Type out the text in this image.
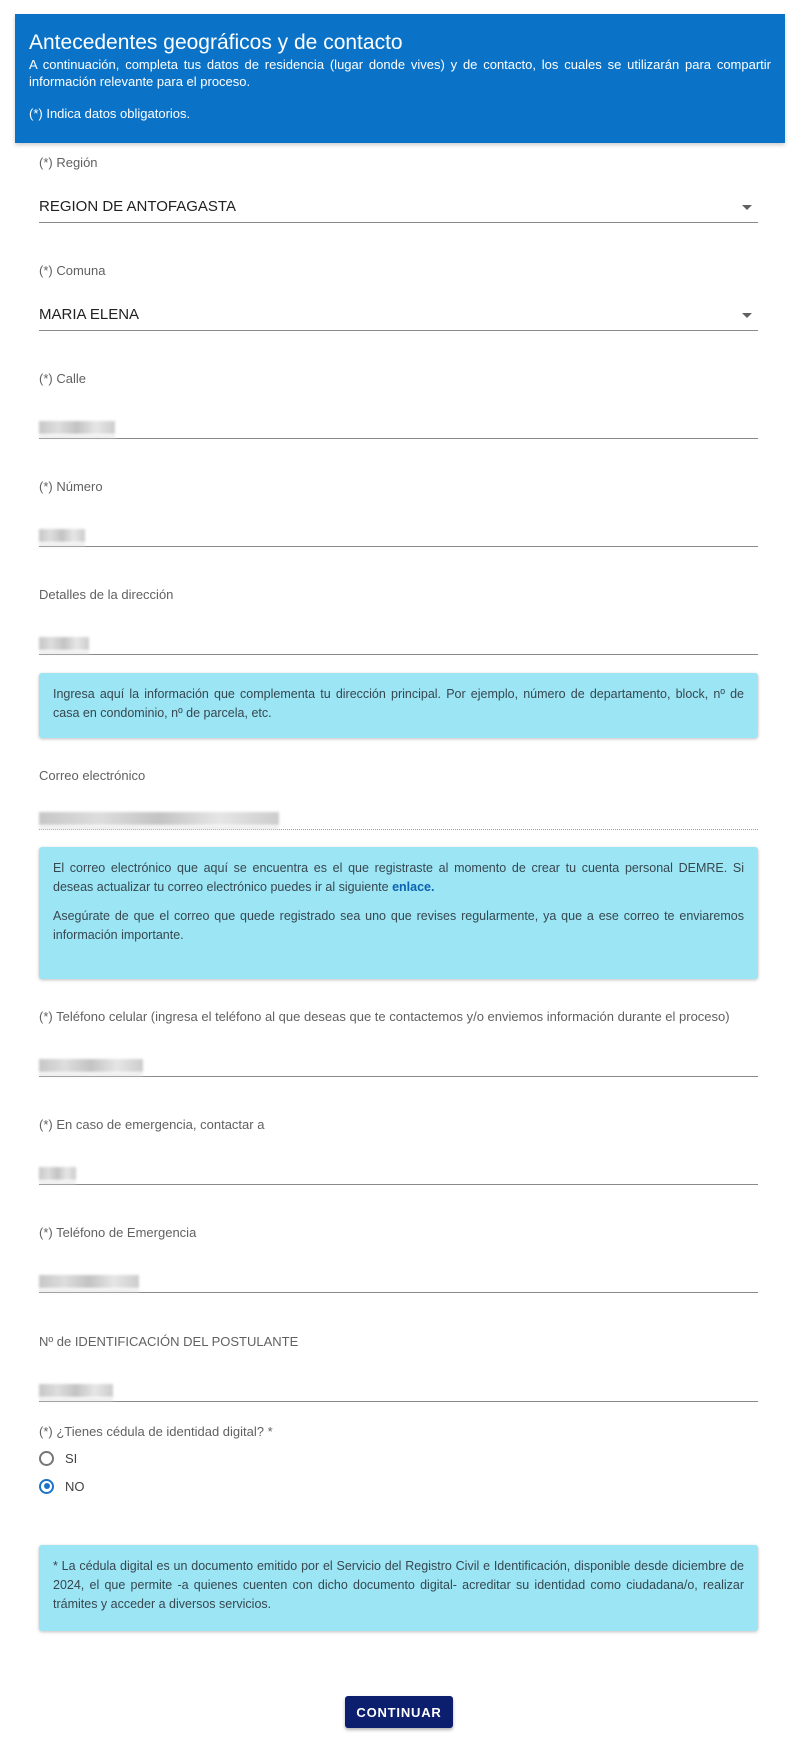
Antecedentes geográficos y de contacto

A continuación, completa tus datos de residencia (lugar donde vives) y de contacto, los cuales se utilizarán para compartir información relevante para el proceso.

(*) Indica datos obligatorios.

(*) Región
REGION DE ANTOFAGASTA
(*) Comuna
MARIA ELENA
(*) Calle
(*) Número
Detalles de la dirección

Ingresa aquí la información que complementa tu dirección principal. Por ejemplo, número de departamento, block, nº de casa en condominio, nº de parcela, etc.

Correo electrónico

El correo electrónico que aquí se encuentra es el que registraste al momento de crear tu cuenta personal DEMRE. Si deseas actualizar tu correo electrónico puedes ir al siguiente enlace.

Asegúrate de que el correo que quede registrado sea uno que revises regularmente, ya que a ese correo te enviaremos información importante.

(*) Teléfono celular (ingresa el teléfono al que deseas que te contactemos y/o enviemos información durante el proceso)
(*) En caso de emergencia, contactar a
(*) Teléfono de Emergencia
Nº de IDENTIFICACIÓN DEL POSTULANTE
(*) ¿Tienes cédula de identidad digital? *
SI
NO

* La cédula digital es un documento emitido por el Servicio del Registro Civil e Identificación, disponible desde diciembre de 2024, el que permite -a quienes cuenten con dicho documento digital- acreditar su identidad como ciudadana/o, realizar trámites y acceder a diversos servicios.

CONTINUAR
